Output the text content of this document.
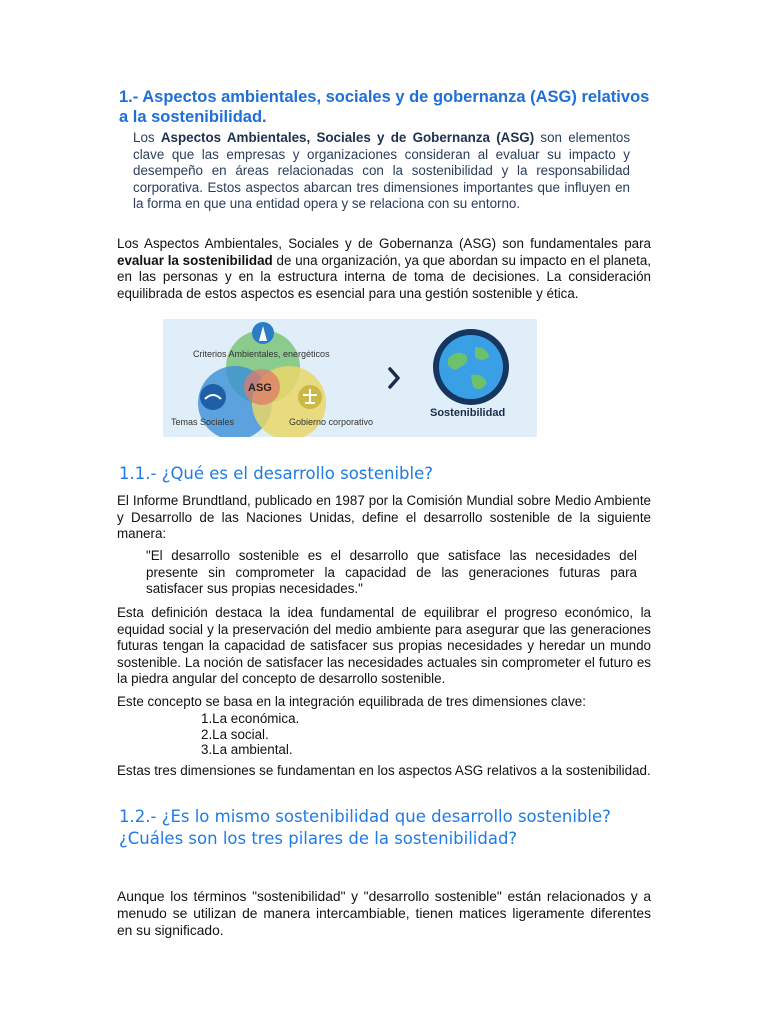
1.- Aspectos ambientales, sociales y de gobernanza (ASG) relativos a la sostenibilidad.
Los Aspectos Ambientales, Sociales y de Gobernanza (ASG) son elementos clave que las empresas y organizaciones consideran al evaluar su impacto y desempeño en áreas relacionadas con la sostenibilidad y la responsabilidad corporativa. Estos aspectos abarcan tres dimensiones importantes que influyen en la forma en que una entidad opera y se relaciona con su entorno.
Los Aspectos Ambientales, Sociales y de Gobernanza (ASG) son fundamentales para evaluar la sostenibilidad de una organización, ya que abordan su impacto en el planeta, en las personas y en la estructura interna de toma de decisiones. La consideración equilibrada de estos aspectos es esencial para una gestión sostenible y ética.
Criterios Ambientales, energéticos
ASG
Temas Sociales	Gobierno corporativo
Sostenibilidad
1.1.- ¿Qué es el desarrollo sostenible?
El Informe Brundtland, publicado en 1987 por la Comisión Mundial sobre Medio Ambiente y Desarrollo de las Naciones Unidas, define el desarrollo sostenible de la siguiente manera:
"El desarrollo sostenible es el desarrollo que satisface las necesidades del presente sin comprometer la capacidad de las generaciones futuras para satisfacer sus propias necesidades."
Esta definición destaca la idea fundamental de equilibrar el progreso económico, la equidad social y la preservación del medio ambiente para asegurar que las generaciones futuras tengan la capacidad de satisfacer sus propias necesidades y heredar un mundo sostenible. La noción de satisfacer las necesidades actuales sin comprometer el futuro es la piedra angular del concepto de desarrollo sostenible.
Este concepto se basa en la integración equilibrada de tres dimensiones clave:
1.La económica.
2.La social.
3.La ambiental.
Estas tres dimensiones se fundamentan en los aspectos ASG relativos a la sostenibilidad.
1.2.- ¿Es lo mismo sostenibilidad que desarrollo sostenible? ¿Cuáles son los tres pilares de la sostenibilidad?
Aunque los términos "sostenibilidad" y "desarrollo sostenible" están relacionados y a menudo se utilizan de manera intercambiable, tienen matices ligeramente diferentes en su significado.
